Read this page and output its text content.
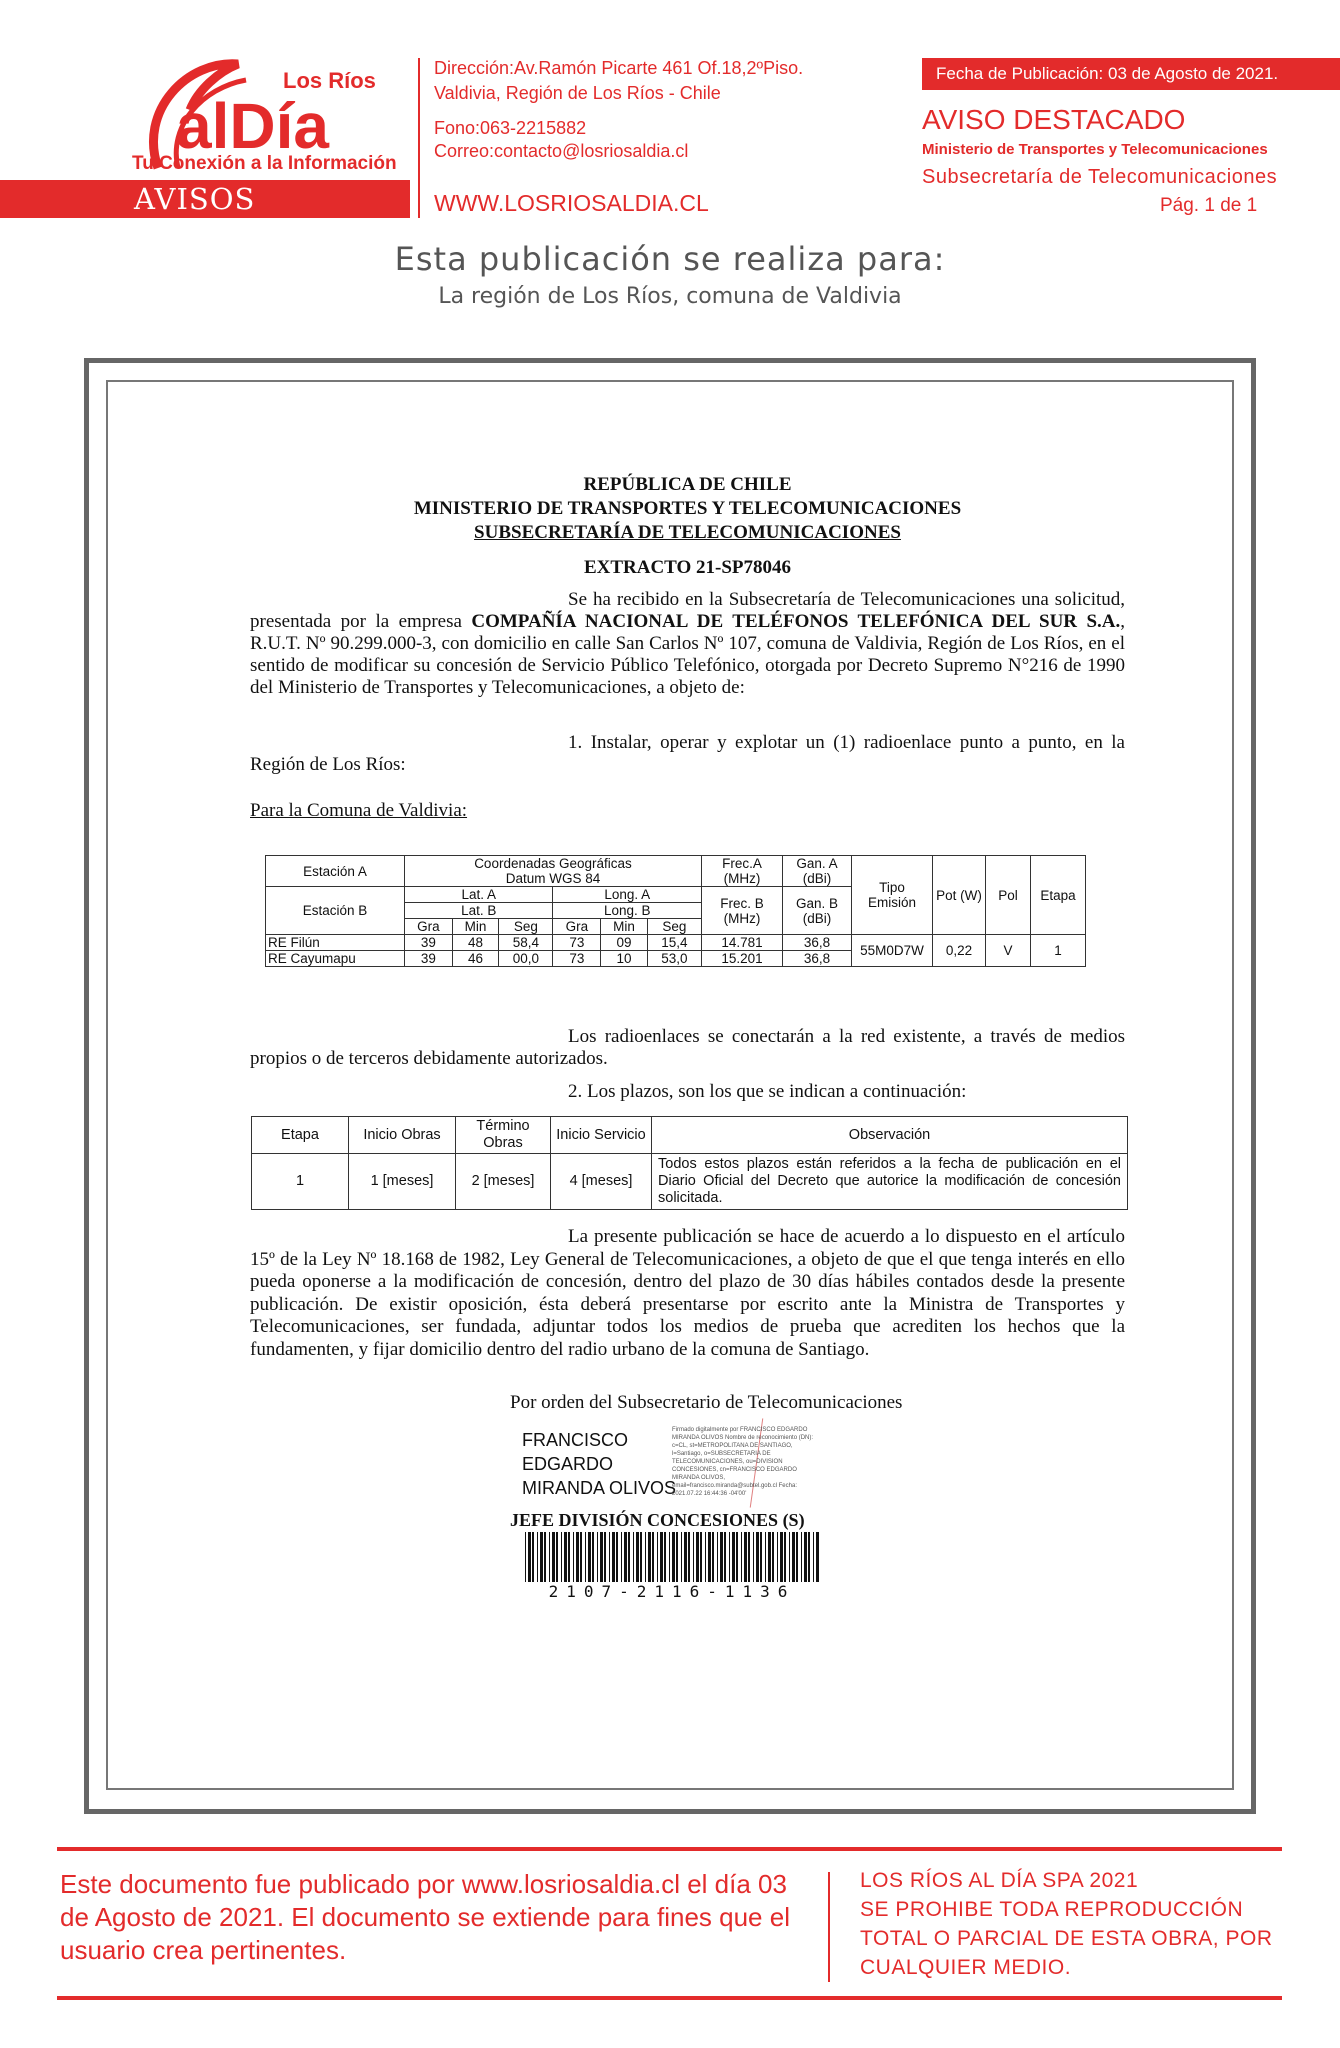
Los Ríos
alDía
Tu Conexión a la Información
AVISOS LEGALES
Dirección:Av.Ramón Picarte 461 Of.18,2ºPiso.
Valdivia, Región de Los Ríos - Chile
Fono:063-2215882
Correo:contacto@losriosaldia.cl
WWW.LOSRIOSALDIA.CL
Fecha de Publicación: 03 de Agosto de 2021.
AVISO DESTACADO
Ministerio de Transportes y Telecomunicaciones
Subsecretaría de Telecomunicaciones
Pág. 1 de 1
Esta publicación se realiza para:
La región de Los Ríos, comuna de Valdivia
REPÚBLICA DE CHILE
MINISTERIO DE TRANSPORTES Y TELECOMUNICACIONES
SUBSECRETARÍA DE TELECOMUNICACIONES
EXTRACTO 21-SP78046
Se ha recibido en la Subsecretaría de Telecomunicaciones una solicitud, presentada por la empresa COMPAÑÍA NACIONAL DE TELÉFONOS TELEFÓNICA DEL SUR S.A., R.U.T. Nº 90.299.000-3, con domicilio en calle San Carlos Nº 107, comuna de Valdivia, Región de Los Ríos, en el sentido de modificar su concesión de Servicio Público Telefónico, otorgada por Decreto Supremo N°216 de 1990 del Ministerio de Transportes y Telecomunicaciones, a objeto de:
1. Instalar, operar y explotar un (1) radioenlace punto a punto, en la Región de Los Ríos:
Para la Comuna de Valdivia:
Estación A	Coordenadas Geográficas
Datum WGS 84						Frec.A (MHz)	Gan. A (dBi)	Tipo Emisión	Pot (W)	Pol	Etapa
Estación B	Lat. A			Long. A			Frec. B (MHz)	Gan. B (dBi)				
	Lat. B			Long. B								
	Gra	Min	Seg	Gra	Min	Seg						
RE Filún	39	48	58,4	73	09	15,4	14.781	36,8	55M0D7W	0,22	V	1
RE Cayumapu	39	46	00,0	73	10	53,0	15.201	36,8				
Los radioenlaces se conectarán a la red existente, a través de medios propios o de terceros debidamente autorizados.
2. Los plazos, son los que se indican a continuación:
Etapa	Inicio Obras	Término Obras	Inicio Servicio	Observación
1	1 [meses]	2 [meses]	4 [meses]	Todos estos plazos están referidos a la fecha de publicación en el Diario Oficial del Decreto que autorice la modificación de concesión solicitada.
La presente publicación se hace de acuerdo a lo dispuesto en el artículo 15º de la Ley Nº 18.168 de 1982, Ley General de Telecomunicaciones, a objeto de que el que tenga interés en ello pueda oponerse a la modificación de concesión, dentro del plazo de 30 días hábiles contados desde la presente publicación. De existir oposición, ésta deberá presentarse por escrito ante la Ministra de Transportes y Telecomunicaciones, ser fundada, adjuntar todos los medios de prueba que acrediten los hechos que la fundamenten, y fijar domicilio dentro del radio urbano de la comuna de Santiago.
Por orden del Subsecretario de Telecomunicaciones
FRANCISCO
EDGARDO
MIRANDA OLIVOS
Firmado digitalmente por FRANCISCO EDGARDO MIRANDA OLIVOS Nombre de reconocimiento (DN): c=CL, st=METROPOLITANA DE SANTIAGO, l=Santiago, o=SUBSECRETARIA DE TELECOMUNICACIONES, ou=DIVISION CONCESIONES, cn=FRANCISCO EDGARDO MIRANDA OLIVOS, email=francisco.miranda@subtel.gob.cl Fecha: 2021.07.22 16:44:36 -04'00'
JEFE DIVISIÓN CONCESIONES (S)
2107-2116-1136
Este documento fue publicado por www.losriosaldia.cl el día 03 de Agosto de 2021. El documento se extiende para fines que el usuario crea pertinentes.
LOS RÍOS AL DÍA SPA 2021
SE PROHIBE TODA REPRODUCCIÓN TOTAL O PARCIAL DE ESTA OBRA, POR CUALQUIER MEDIO.
